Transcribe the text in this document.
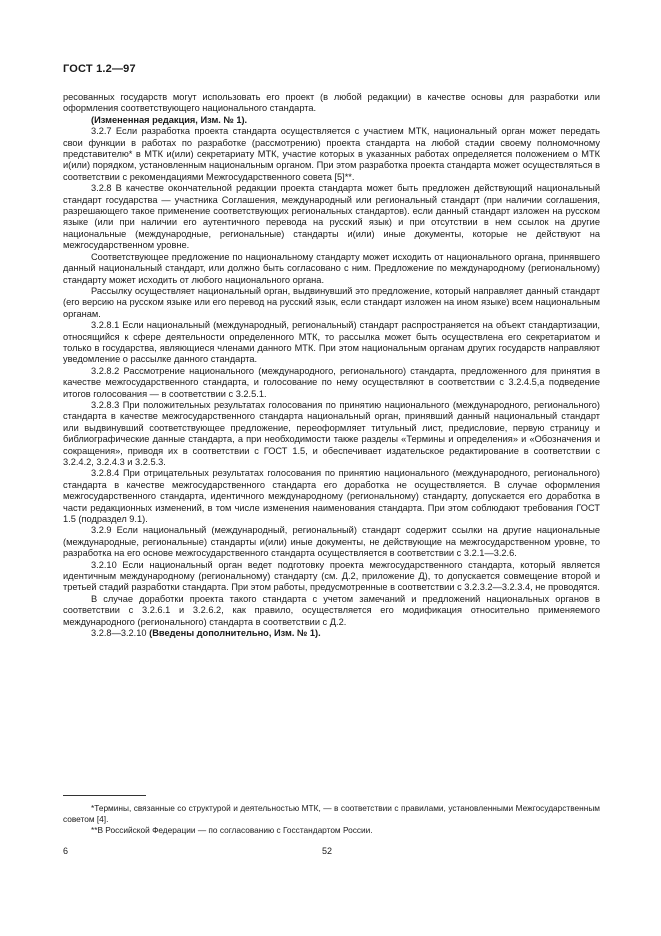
ГОСТ 1.2—97

ресованных государств могут использовать его проект (в любой редакции) в качестве основы для разработки или оформления соответствующего национального стандарта.

(Измененная редакция, Изм. № 1).

3.2.7 Если разработка проекта стандарта осуществляется с участием МТК, национальный орган может передать свои функции в работах по разработке (рассмотрению) проекта стандарта на любой стадии своему полномочному представителю* в МТК и(или) секретариату МТК, участие которых в указанных работах определяется положением о МТК и(или) порядком, установленным национальным органом. При этом разработка проекта стандарта может осуществляться в соответствии с рекомендациями Межгосударственного совета [5]**.

3.2.8 В качестве окончательной редакции проекта стандарта может быть предложен действующий национальный стандарт государства — участника Соглашения, международный или региональный стандарт (при наличии соглашения, разрешающего такое применение соответствующих региональных стандартов). если данный стандарт изложен на русском языке (или при наличии его аутентичного перевода на русский язык) и при отсутствии в нем ссылок на другие национальные (международные, региональные) стандарты и(или) иные документы, которые не действуют на межгосударственном уровне.

Соответствующее предложение по национальному стандарту может исходить от национального органа, принявшего данный национальный стандарт, или должно быть согласовано с ним. Предложение по международному (региональному) стандарту может исходить от любого национального органа.

Рассылку осуществляет национальный орган, выдвинувший это предложение, который направляет данный стандарт (его версию на русском языке или его перевод на русский язык, если стандарт изложен на ином языке) всем национальным органам.

3.2.8.1 Если национальный (международный, региональный) стандарт распространяется на объект стандартизации, относящийся к сфере деятельности определенного МТК, то рассылка может быть осуществлена его секретариатом и только в государства, являющиеся членами данного МТК. При этом национальным органам других государств направляют уведомление о рассылке данного стандарта.

3.2.8.2 Рассмотрение национального (международного, регионального) стандарта, предложенного для принятия в качестве межгосударственного стандарта, и голосование по нему осуществляют в соответствии с 3.2.4.5,а подведение итогов голосования — в соответствии с 3.2.5.1.

3.2.8.3 При положительных результатах голосования по принятию национального (международного, регионального) стандарта в качестве межгосударственного стандарта национальный орган, принявший данный национальный стандарт или выдвинувший соответствующее предложение, переоформляет титульный лист, предисловие, первую страницу и библиографические данные стандарта, а при необходимости также разделы «Термины и определения» и «Обозначения и сокращения», приводя их в соответствии с ГОСТ 1.5, и обеспечивает издательское редактирование в соответствии с 3.2.4.2, 3.2.4.3 и 3.2.5.3.

3.2.8.4 При отрицательных результатах голосования по принятию национального (международного, регионального) стандарта в качестве межгосударственного стандарта его доработка не осуществляется. В случае оформления межгосударственного стандарта, идентичного международному (региональному) стандарту, допускается его доработка в части редакционных изменений, в том числе изменения наименования стандарта. При этом соблюдают требования ГОСТ 1.5 (подраздел 9.1).

3.2.9 Если национальный (международный, региональный) стандарт содержит ссылки на другие национальные (международные, региональные) стандарты и(или) иные документы, не действующие на межгосударственном уровне, то разработка на его основе межгосударственного стандарта осуществляется в соответствии с 3.2.1—3.2.6.

3.2.10 Если национальный орган ведет подготовку проекта межгосударственного стандарта, который является идентичным международному (региональному) стандарту (см. Д.2, приложение Д), то допускается совмещение второй и третьей стадий разработки стандарта. При этом работы, предусмотренные в соответствии с 3.2.3.2—3.2.3.4, не проводятся.

В случае доработки проекта такого стандарта с учетом замечаний и предложений национальных органов в соответствии с 3.2.6.1 и 3.2.6.2, как правило, осуществляется его модификация относительно применяемого международного (регионального) стандарта в соответствии с Д.2.

3.2.8—3.2.10 (Введены дополнительно, Изм. № 1).

*Термины, связанные со структурой и деятельностью МТК, — в соответствии с правилами, установленными Межгосударственным советом [4].

**В Российской Федерации — по согласованию с Госстандартом России.

6	52
